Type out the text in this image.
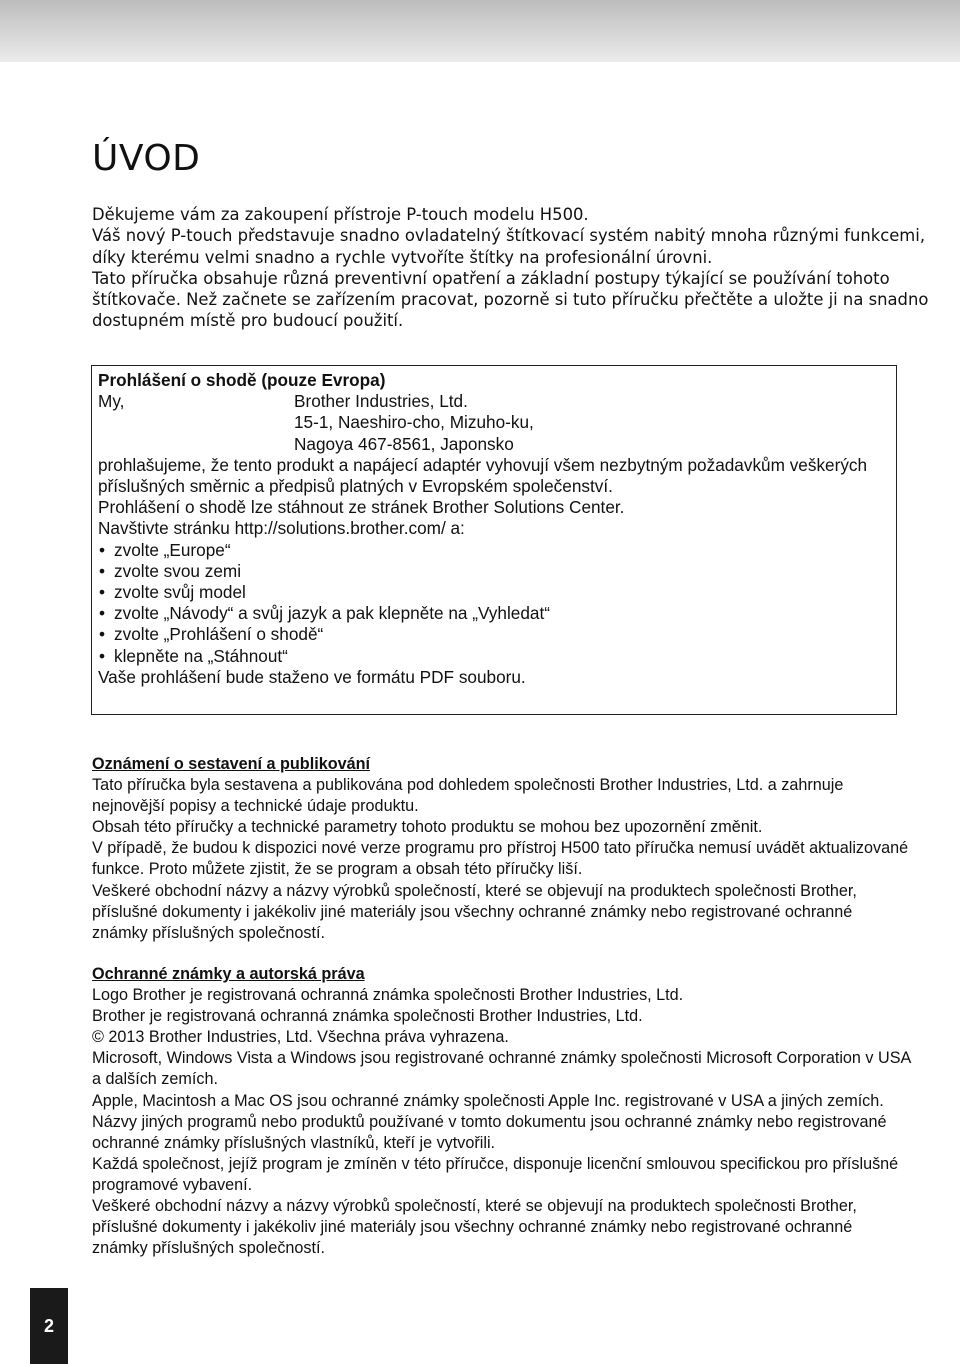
ÚVOD

Děkujeme vám za zakoupení přístroje P-touch modelu H500.

Váš nový P-touch představuje snadno ovladatelný štítkovací systém nabitý mnoha různými funkcemi, díky kterému velmi snadno a rychle vytvoříte štítky na profesionální úrovni.

Tato příručka obsahuje různá preventivní opatření a základní postupy týkající se používání tohoto štítkovače. Než začnete se zařízením pracovat, pozorně si tuto příručku přečtěte a uložte ji na snadno dostupném místě pro budoucí použití.

Prohlášení o shodě (pouze Evropa)

My,	Brother Industries, Ltd.

15-1, Naeshiro-cho, Mizuho-ku,

Nagoya 467-8561, Japonsko

prohlašujeme, že tento produkt a napájecí adaptér vyhovují všem nezbytným požadavkům veškerých příslušných směrnic a předpisů platných v Evropském společenství.

Prohlášení o shodě lze stáhnout ze stránek Brother Solutions Center.

Navštivte stránku http://solutions.brother.com/ a:

• zvolte „Europe“
• zvolte svou zemi
• zvolte svůj model
• zvolte „Návody“ a svůj jazyk a pak klepněte na „Vyhledat“
• zvolte „Prohlášení o shodě“
• klepněte na „Stáhnout“

Vaše prohlášení bude staženo ve formátu PDF souboru.

Oznámení o sestavení a publikování

Tato příručka byla sestavena a publikována pod dohledem společnosti Brother Industries, Ltd. a zahrnuje nejnovější popisy a technické údaje produktu.

Obsah této příručky a technické parametry tohoto produktu se mohou bez upozornění změnit.

V případě, že budou k dispozici nové verze programu pro přístroj H500 tato příručka nemusí uvádět aktualizované funkce. Proto můžete zjistit, že se program a obsah této příručky liší.

Veškeré obchodní názvy a názvy výrobků společností, které se objevují na produktech společnosti Brother, příslušné dokumenty i jakékoliv jiné materiály jsou všechny ochranné známky nebo registrované ochranné známky příslušných společností.

Ochranné známky a autorská práva

Logo Brother je registrovaná ochranná známka společnosti Brother Industries, Ltd.

Brother je registrovaná ochranná známka společnosti Brother Industries, Ltd.

© 2013 Brother Industries, Ltd. Všechna práva vyhrazena.

Microsoft, Windows Vista a Windows jsou registrované ochranné známky společnosti Microsoft Corporation v USA a dalších zemích.

Apple, Macintosh a Mac OS jsou ochranné známky společnosti Apple Inc. registrované v USA a jiných zemích.

Názvy jiných programů nebo produktů používané v tomto dokumentu jsou ochranné známky nebo registrované ochranné známky příslušných vlastníků, kteří je vytvořili.

Každá společnost, jejíž program je zmíněn v této příručce, disponuje licenční smlouvou specifickou pro příslušné programové vybavení.

Veškeré obchodní názvy a názvy výrobků společností, které se objevují na produktech společnosti Brother, příslušné dokumenty i jakékoliv jiné materiály jsou všechny ochranné známky nebo registrované ochranné známky příslušných společností.

2
